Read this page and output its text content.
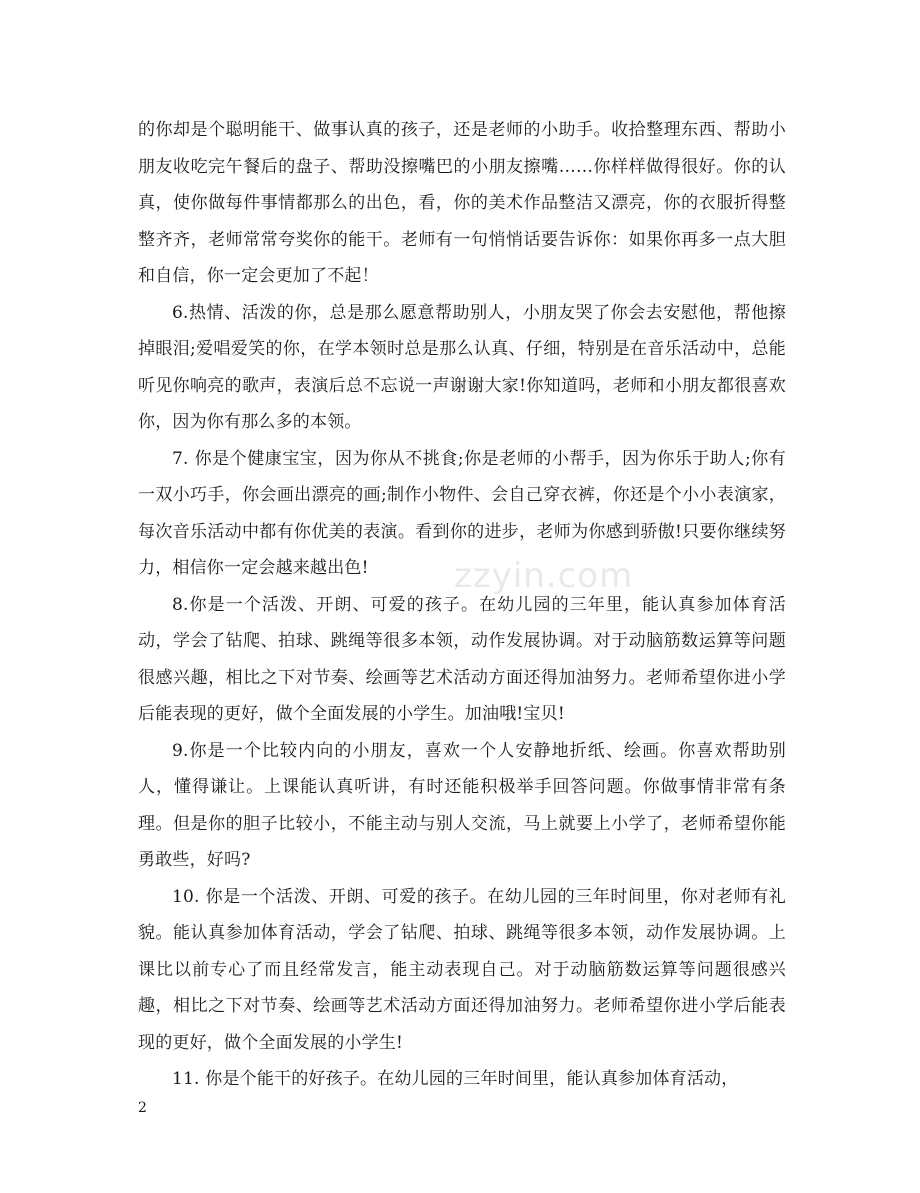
的你却是个聪明能干、做事认真的孩子，还是老师的小助手。收拾整理东西、帮助小朋友收吃完午餐后的盘子、帮助没擦嘴巴的小朋友擦嘴……你样样做得很好。你的认真，使你做每件事情都那么的出色，看，你的美术作品整洁又漂亮，你的衣服折得整整齐齐，老师常常夸奖你的能干。老师有一句悄悄话要告诉你：如果你再多一点大胆和自信，你一定会更加了不起！

6.热情、活泼的你，总是那么愿意帮助别人，小朋友哭了你会去安慰他，帮他擦掉眼泪;爱唱爱笑的你，在学本领时总是那么认真、仔细，特别是在音乐活动中，总能听见你响亮的歌声，表演后总不忘说一声谢谢大家!你知道吗，老师和小朋友都很喜欢你，因为你有那么多的本领。

7. 你是个健康宝宝，因为你从不挑食;你是老师的小帮手，因为你乐于助人;你有一双小巧手，你会画出漂亮的画;制作小物件、会自己穿衣裤，你还是个小小表演家，每次音乐活动中都有你优美的表演。看到你的进步，老师为你感到骄傲!只要你继续努力，相信你一定会越来越出色!

8.你是一个活泼、开朗、可爱的孩子。在幼儿园的三年里，能认真参加体育活动，学会了钻爬、拍球、跳绳等很多本领，动作发展协调。对于动脑筋数运算等问题很感兴趣，相比之下对节奏、绘画等艺术活动方面还得加油努力。老师希望你进小学后能表现的更好，做个全面发展的小学生。加油哦!宝贝!

9.你是一个比较内向的小朋友，喜欢一个人安静地折纸、绘画。你喜欢帮助别人，懂得谦让。上课能认真听讲，有时还能积极举手回答问题。你做事情非常有条理。但是你的胆子比较小，不能主动与别人交流，马上就要上小学了，老师希望你能勇敢些，好吗?

10. 你是一个活泼、开朗、可爱的孩子。在幼儿园的三年时间里，你对老师有礼貌。能认真参加体育活动，学会了钻爬、拍球、跳绳等很多本领，动作发展协调。上课比以前专心了而且经常发言，能主动表现自己。对于动脑筋数运算等问题很感兴趣，相比之下对节奏、绘画等艺术活动方面还得加油努力。老师希望你进小学后能表现的更好，做个全面发展的小学生!

11. 你是个能干的好孩子。在幼儿园的三年时间里，能认真参加体育活动，

zzyin.com
2
